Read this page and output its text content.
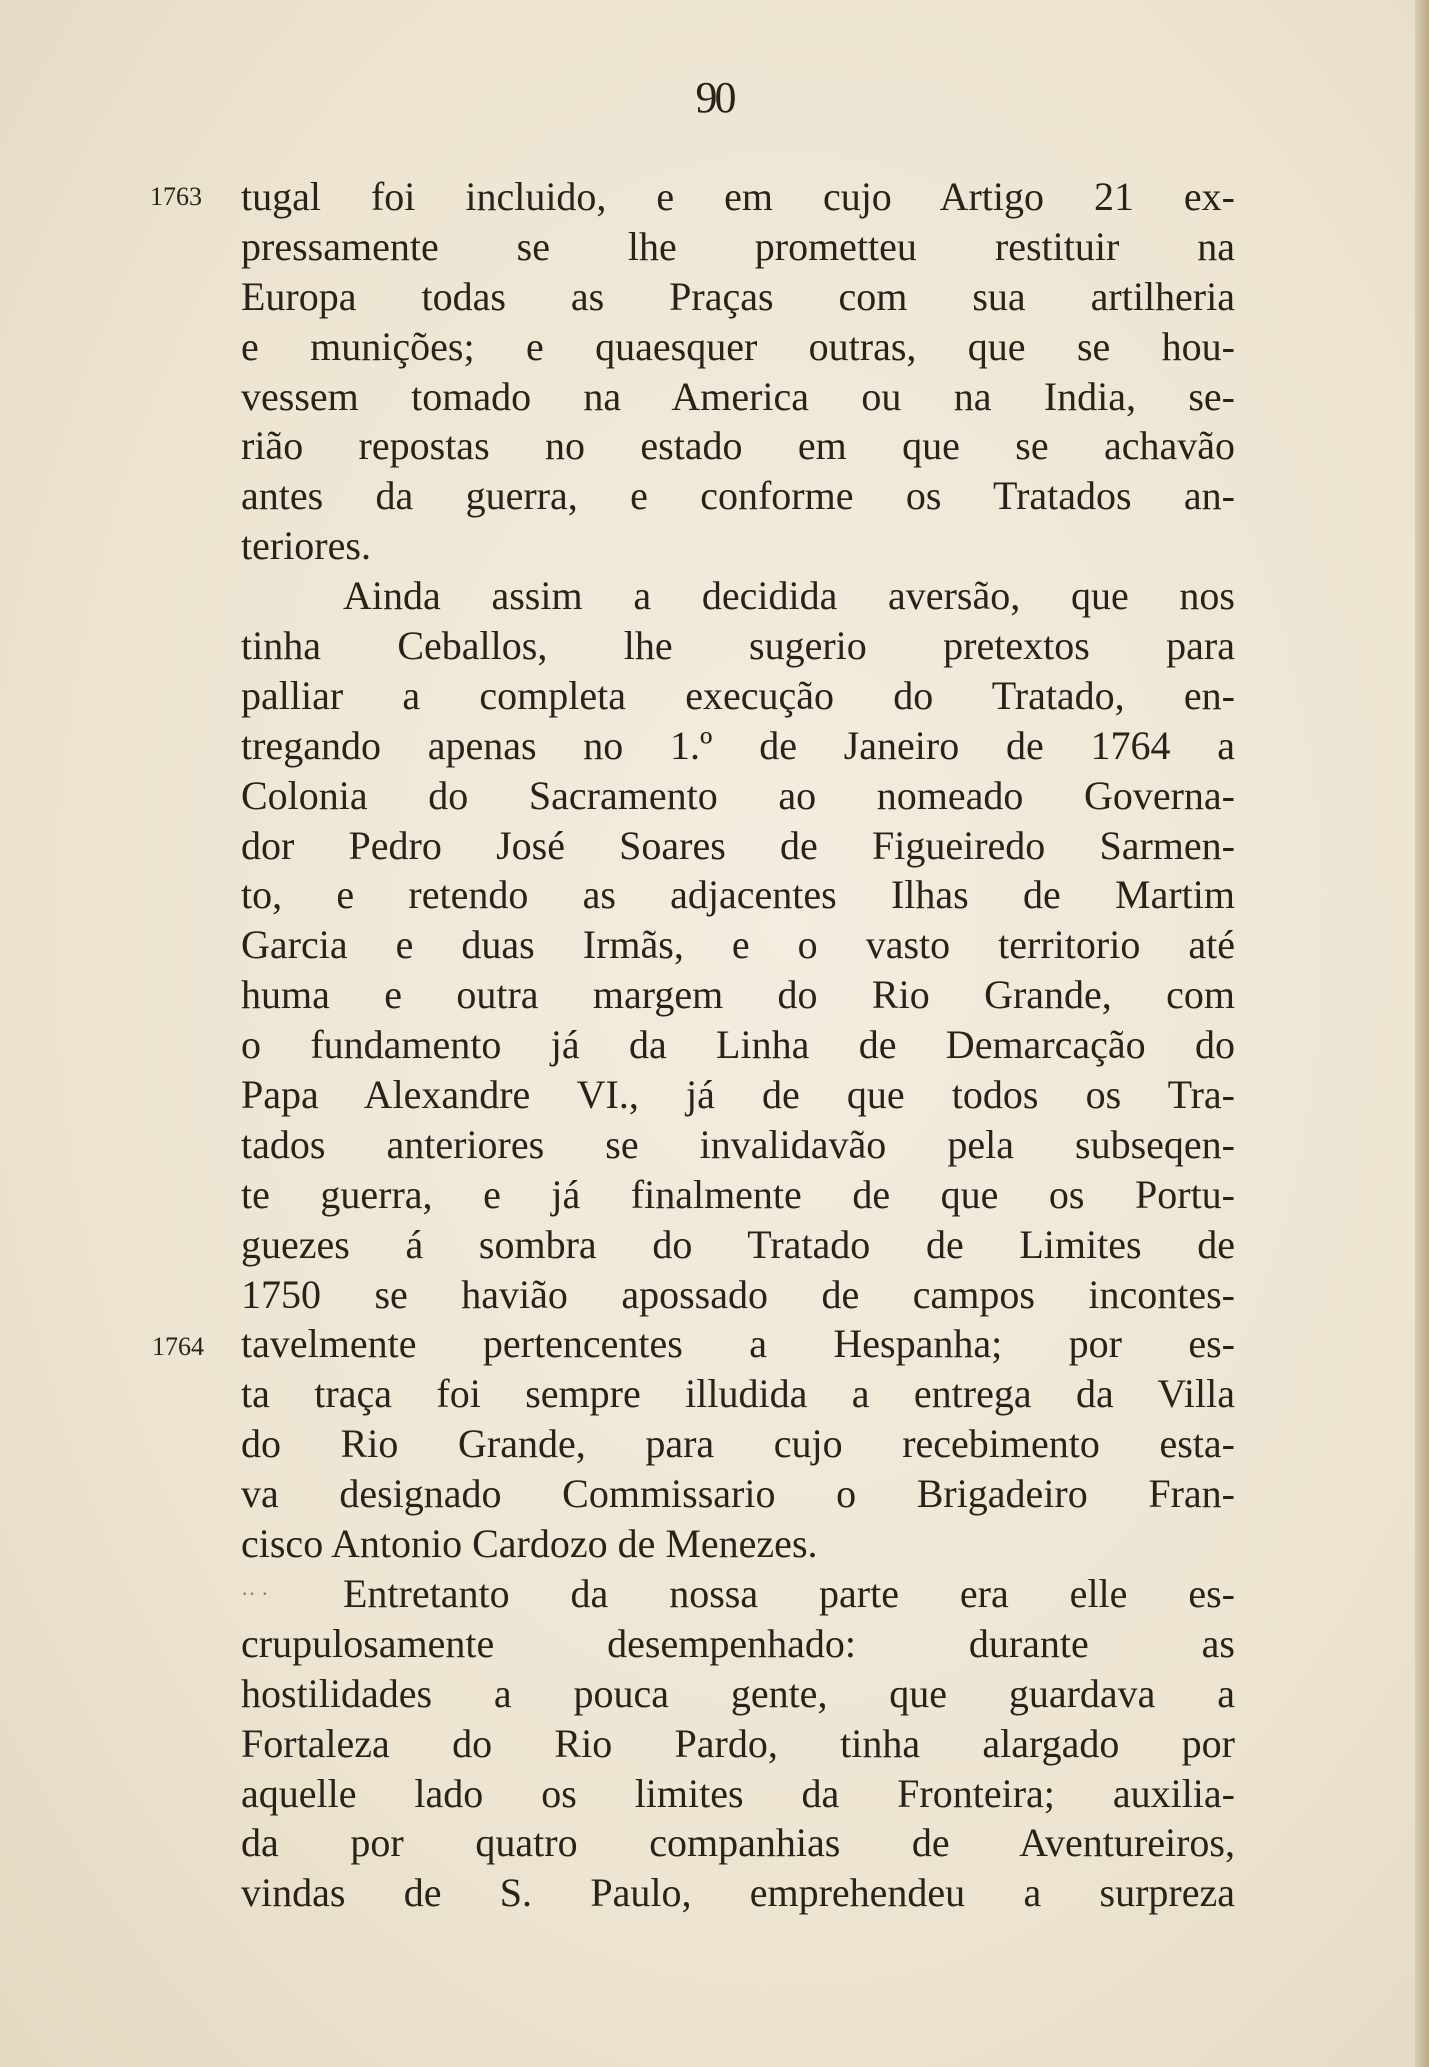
90
1763
1764
tugal foi incluido, e em cujo Artigo 21 ex-
pressamente se lhe prometteu restituir na
Europa todas as Praças com sua artilheria
e munições; e quaesquer outras, que se hou-
vessem tomado na America ou na India, se-
rião repostas no estado em que se achavão
antes da guerra, e conforme os Tratados an-
teriores.
Ainda assim a decidida aversão, que nos
tinha Ceballos, lhe sugerio pretextos para
palliar a completa execução do Tratado, en-
tregando apenas no 1.º de Janeiro de 1764 a
Colonia do Sacramento ao nomeado Governa-
dor Pedro José Soares de Figueiredo Sarmen-
to, e retendo as adjacentes Ilhas de Martim
Garcia e duas Irmãs, e o vasto territorio até
huma e outra margem do Rio Grande, com
o fundamento já da Linha de Demarcação do
Papa Alexandre VI., já de que todos os Tra-
tados anteriores se invalidavão pela subseqen-
te guerra, e já finalmente de que os Portu-
guezes á sombra do Tratado de Limites de
1750 se havião apossado de campos incontes-
tavelmente pertencentes a Hespanha; por es-
ta traça foi sempre illudida a entrega da Villa
do Rio Grande, para cujo recebimento esta-
va designado Commissario o Brigadeiro Fran-
cisco Antonio Cardozo de Menezes.
·· · Entretanto da nossa parte era elle es-
crupulosamente desempenhado: durante as
hostilidades a pouca gente, que guardava a
Fortaleza do Rio Pardo, tinha alargado por
aquelle lado os limites da Fronteira; auxilia-
da por quatro companhias de Aventureiros,
vindas de S. Paulo, emprehendeu a surpreza
